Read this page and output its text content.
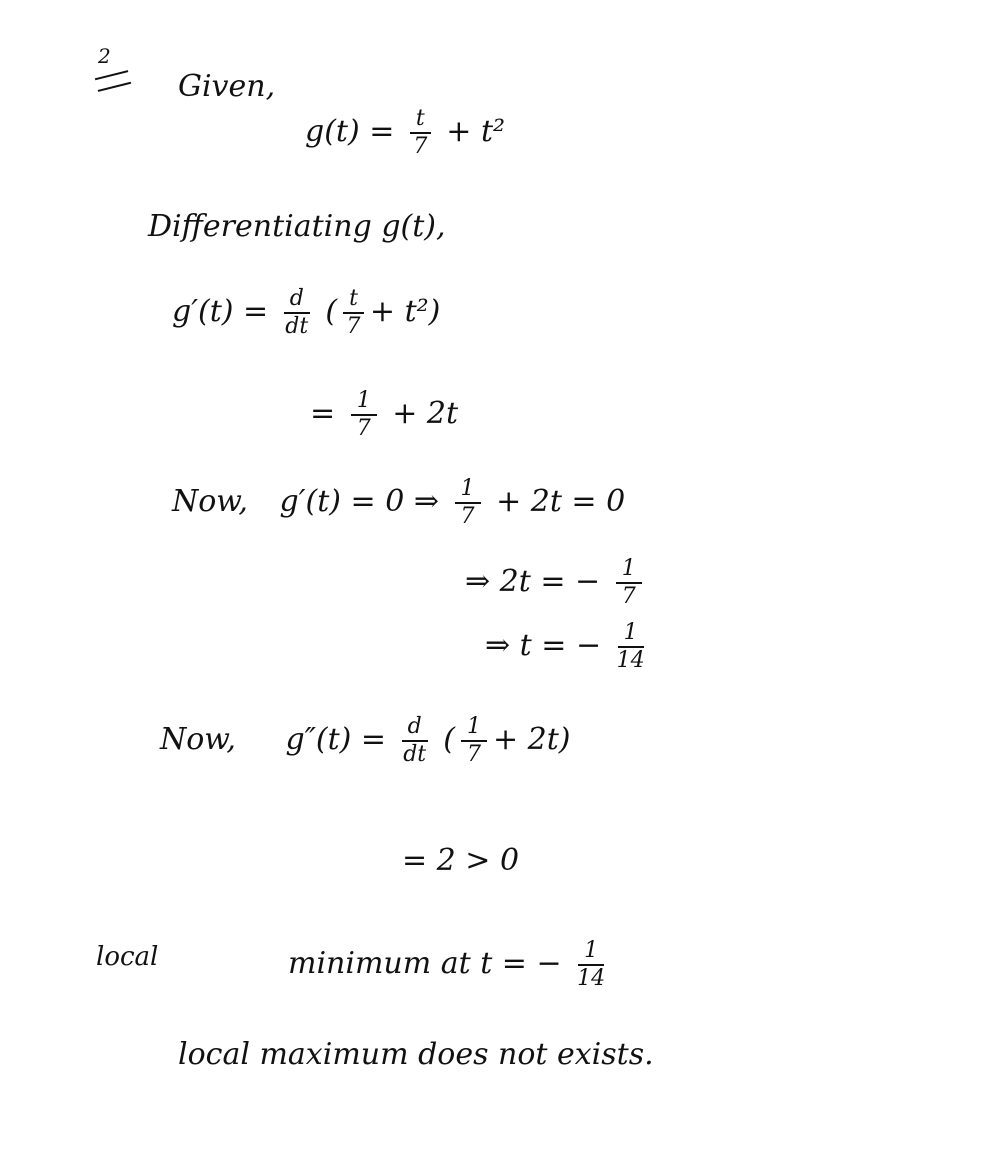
2
Given,
$g(t) = \frac{t}{7} + t^2$
Differentiating g(t),
$g'(t) = \frac{d}{dt}$ ( $\frac{t}{7} + t^2$)
= $\frac{1}{7} + 2t$
Now, g′(t) = 0 ⇒ $\frac{1}{7} + 2t = 0$
⇒ 2t = − $\frac{1}{7}$
⇒ t = − $\frac{1}{14}$
Now, $g''(t) = \frac{d}{dt}$ ( $\frac{1}{7} + 2t$)
= 2 > 0
local	minimum at t = − $\frac{1}{14}$
local maximum does not exists.
